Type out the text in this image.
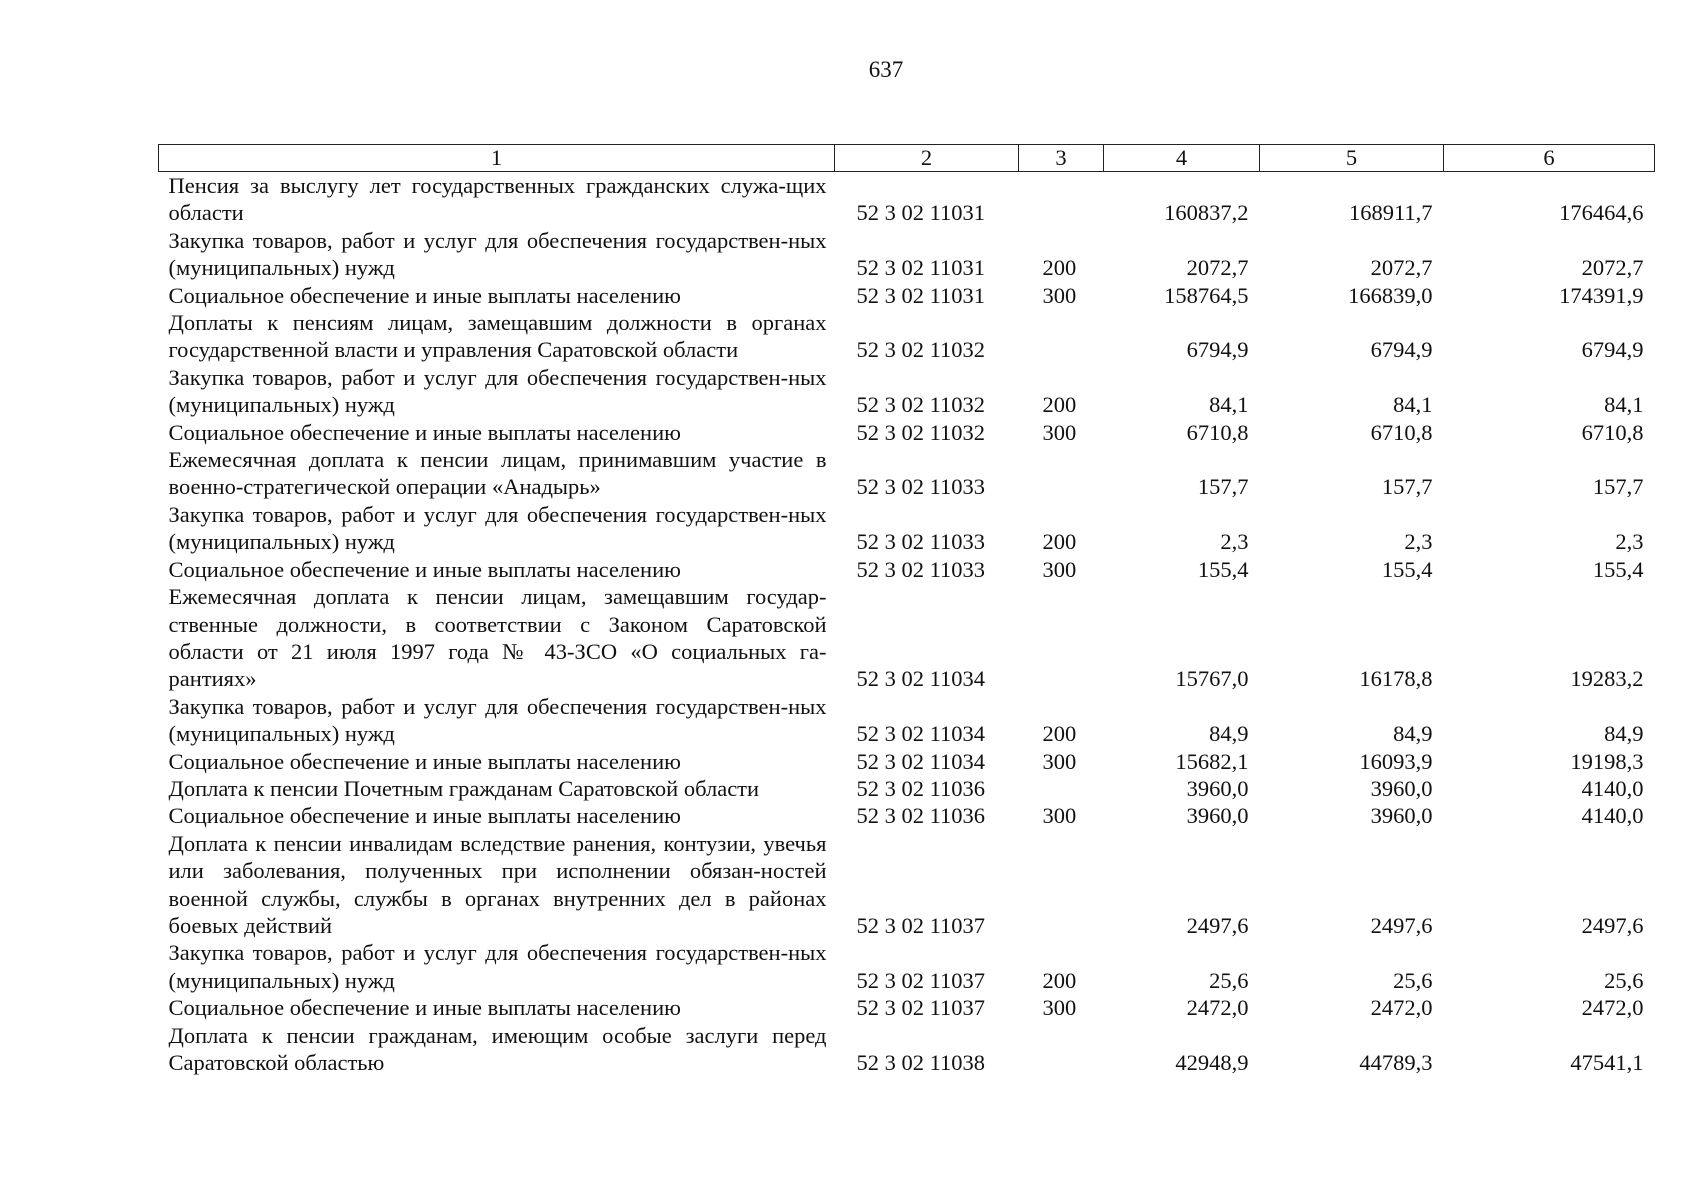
637
1	2	3	4	5	6
Пенсия за выслугу лет государственных гражданских служа-щих области	52 3 02 11031		160837,2	168911,7	176464,6
Закупка товаров, работ и услуг для обеспечения государствен-ных (муниципальных) нужд	52 3 02 11031	200	2072,7	2072,7	2072,7
Социальное обеспечение и иные выплаты населению	52 3 02 11031	300	158764,5	166839,0	174391,9
Доплаты к пенсиям лицам, замещавшим должности в органах государственной власти и управления Саратовской области	52 3 02 11032		6794,9	6794,9	6794,9
Закупка товаров, работ и услуг для обеспечения государствен-ных (муниципальных) нужд	52 3 02 11032	200	84,1	84,1	84,1
Социальное обеспечение и иные выплаты населению	52 3 02 11032	300	6710,8	6710,8	6710,8
Ежемесячная доплата к пенсии лицам, принимавшим участие в военно-стратегической операции «Анадырь»	52 3 02 11033		157,7	157,7	157,7
Закупка товаров, работ и услуг для обеспечения государствен-ных (муниципальных) нужд	52 3 02 11033	200	2,3	2,3	2,3
Социальное обеспечение и иные выплаты населению	52 3 02 11033	300	155,4	155,4	155,4
Ежемесячная доплата к пенсии лицам, замещавшим государ-ственные должности, в соответствии с Законом Саратовской области от 21 июля 1997 года № 43-ЗСО «О социальных га-рантиях»	52 3 02 11034		15767,0	16178,8	19283,2
Закупка товаров, работ и услуг для обеспечения государствен-ных (муниципальных) нужд	52 3 02 11034	200	84,9	84,9	84,9
Социальное обеспечение и иные выплаты населению	52 3 02 11034	300	15682,1	16093,9	19198,3
Доплата к пенсии Почетным гражданам Саратовской области	52 3 02 11036		3960,0	3960,0	4140,0
Социальное обеспечение и иные выплаты населению	52 3 02 11036	300	3960,0	3960,0	4140,0
Доплата к пенсии инвалидам вследствие ранения, контузии, увечья или заболевания, полученных при исполнении обязан-ностей военной службы, службы в органах внутренних дел в районах боевых действий	52 3 02 11037		2497,6	2497,6	2497,6
Закупка товаров, работ и услуг для обеспечения государствен-ных (муниципальных) нужд	52 3 02 11037	200	25,6	25,6	25,6
Социальное обеспечение и иные выплаты населению	52 3 02 11037	300	2472,0	2472,0	2472,0
Доплата к пенсии гражданам, имеющим особые заслуги перед Саратовской областью	52 3 02 11038		42948,9	44789,3	47541,1
